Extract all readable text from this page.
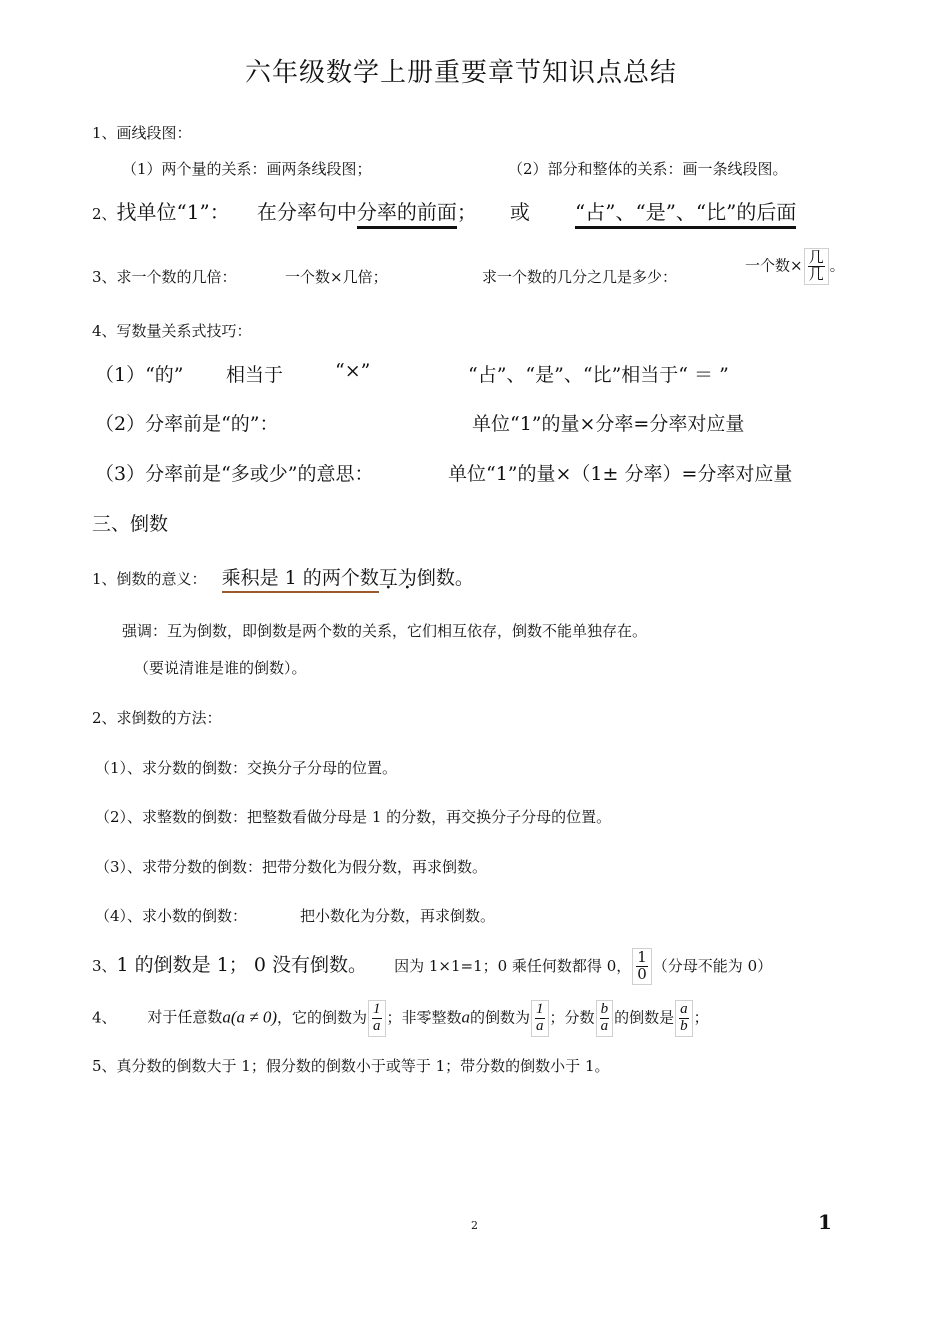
六年级数学上册重要章节知识点总结
1、画线段图：
（1）两个量的关系：画两条线段图；	（2）部分和整体的关系：画一条线段图。
2、找单位“1”： 在分率句中分率的前面； 或 “占”、“是”、“比”的后面
3、求一个数的几倍：	一个数×几倍；	求一个数的几分之几是多少：
一个数× $\frac{\text{几}}{\text{几}}$ 。
4、写数量关系式技巧：
（1）“的” 相当于	“×”	“占”、“是”、“比”相当于“ ＝ ”
（2）分率前是“的”：	单位“1”的量×分率=分率对应量
（3）分率前是“多或少”的意思：	单位“1”的量×（1± 分率）=分率对应量
三、倒数
1、倒数的意义： 乘积是 1 的两个数互为倒数。
强调：互为倒数，即倒数是两个数的关系，它们相互依存，倒数不能单独存在。
（要说清谁是谁的倒数）。
2、求倒数的方法：
（1）、求分数的倒数：交换分子分母的位置。
（2）、求整数的倒数：把整数看做分母是 1 的分数，再交换分子分母的位置。
（3）、求带分数的倒数：把带分数化为假分数，再求倒数。
（4）、求小数的倒数：	把小数化为分数，再求倒数。
3、1 的倒数是 1； 0 没有倒数。 因为 1×1=1；0 乘任何数都得 0， $\frac{1}{0}$ （分母不能为 0）
4、 对于任意数a(a ≠ 0)，它的倒数为 $\frac{1}{a}$ ；非零整数a的倒数为 $\frac{1}{a}$ ；分数 $\frac{b}{a}$ 的倒数是 $\frac{a}{b}$ ；
5、真分数的倒数大于 1；假分数的倒数小于或等于 1；带分数的倒数小于 1。
2	1
